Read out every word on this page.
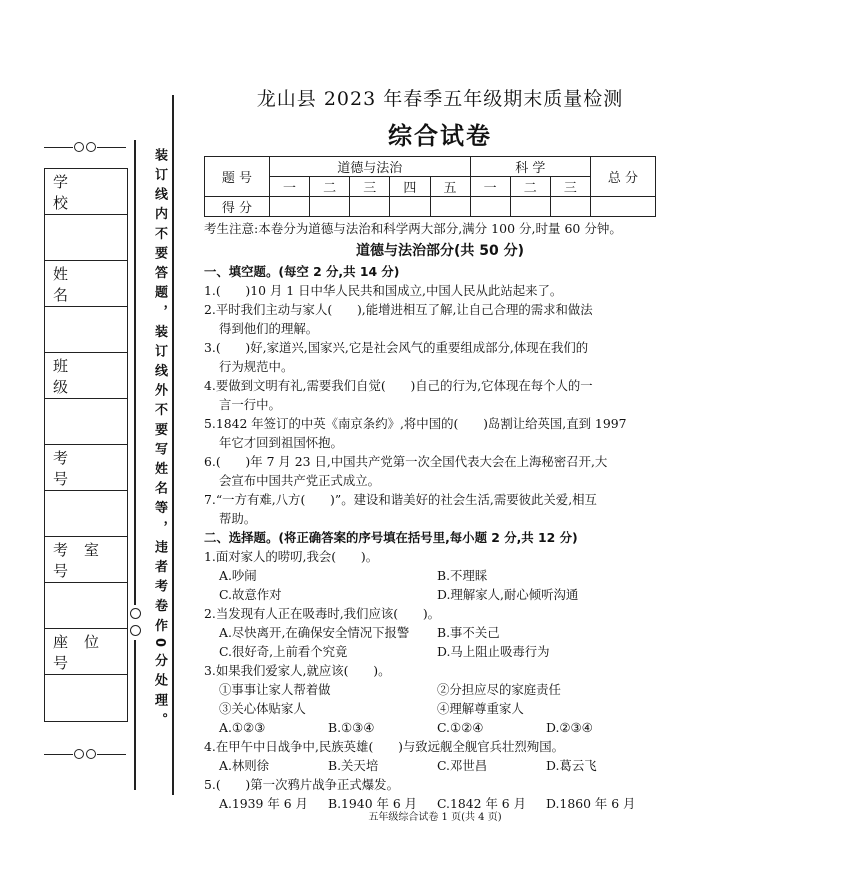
学 校
姓 名
班 级
考 号
考室号
座位号	装订线内不要答题，装订线外不要写姓名等，违者考卷作0分处理。
龙山县 2023 年春季五年级期末质量检测
综合试卷
题 号	道德与法治					科 学			总 分
	一	二	三	四	五	一	二	三	
得 分									
考生注意:本卷分为道德与法治和科学两大部分,满分 100 分,时量 60 分钟。
道德与法治部分(共 50 分)
一、填空题。(每空 2 分,共 14 分)
1.(　　)10 月 1 日中华人民共和国成立,中国人民从此站起来了。
2.平时我们主动与家人(　　),能增进相互了解,让自己合理的需求和做法
得到他们的理解。
3.(　　)好,家道兴,国家兴,它是社会风气的重要组成部分,体现在我们的
行为规范中。
4.要做到文明有礼,需要我们自觉(　　)自己的行为,它体现在每个人的一
言一行中。
5.1842 年签订的中英《南京条约》,将中国的(　　)岛割让给英国,直到 1997
年它才回到祖国怀抱。
6.(　　)年 7 月 23 日,中国共产党第一次全国代表大会在上海秘密召开,大
会宣布中国共产党正式成立。
7.“一方有难,八方(　　)”。建设和谐美好的社会生活,需要彼此关爱,相互
帮助。
二、选择题。(将正确答案的序号填在括号里,每小题 2 分,共 12 分)
1.面对家人的唠叨,我会(　　)。
A.吵闹	B.不理睬
C.故意作对	D.理解家人,耐心倾听沟通
2.当发现有人正在吸毒时,我们应该(　　)。
A.尽快离开,在确保安全情况下报警	B.事不关己
C.很好奇,上前看个究竟	D.马上阻止吸毒行为
3.如果我们爱家人,就应该(　　)。
①事事让家人帮着做	②分担应尽的家庭责任
③关心体贴家人	④理解尊重家人
A.①②③	B.①③④	C.①②④	D.②③④
4.在甲午中日战争中,民族英雄(　　)与致远舰全舰官兵壮烈殉国。
A.林则徐	B.关天培	C.邓世昌	D.葛云飞
5.(　　)第一次鸦片战争正式爆发。
A.1939 年 6 月	B.1940 年 6 月	C.1842 年 6 月	D.1860 年 6 月
五年级综合试卷 1 页(共 4 页)
